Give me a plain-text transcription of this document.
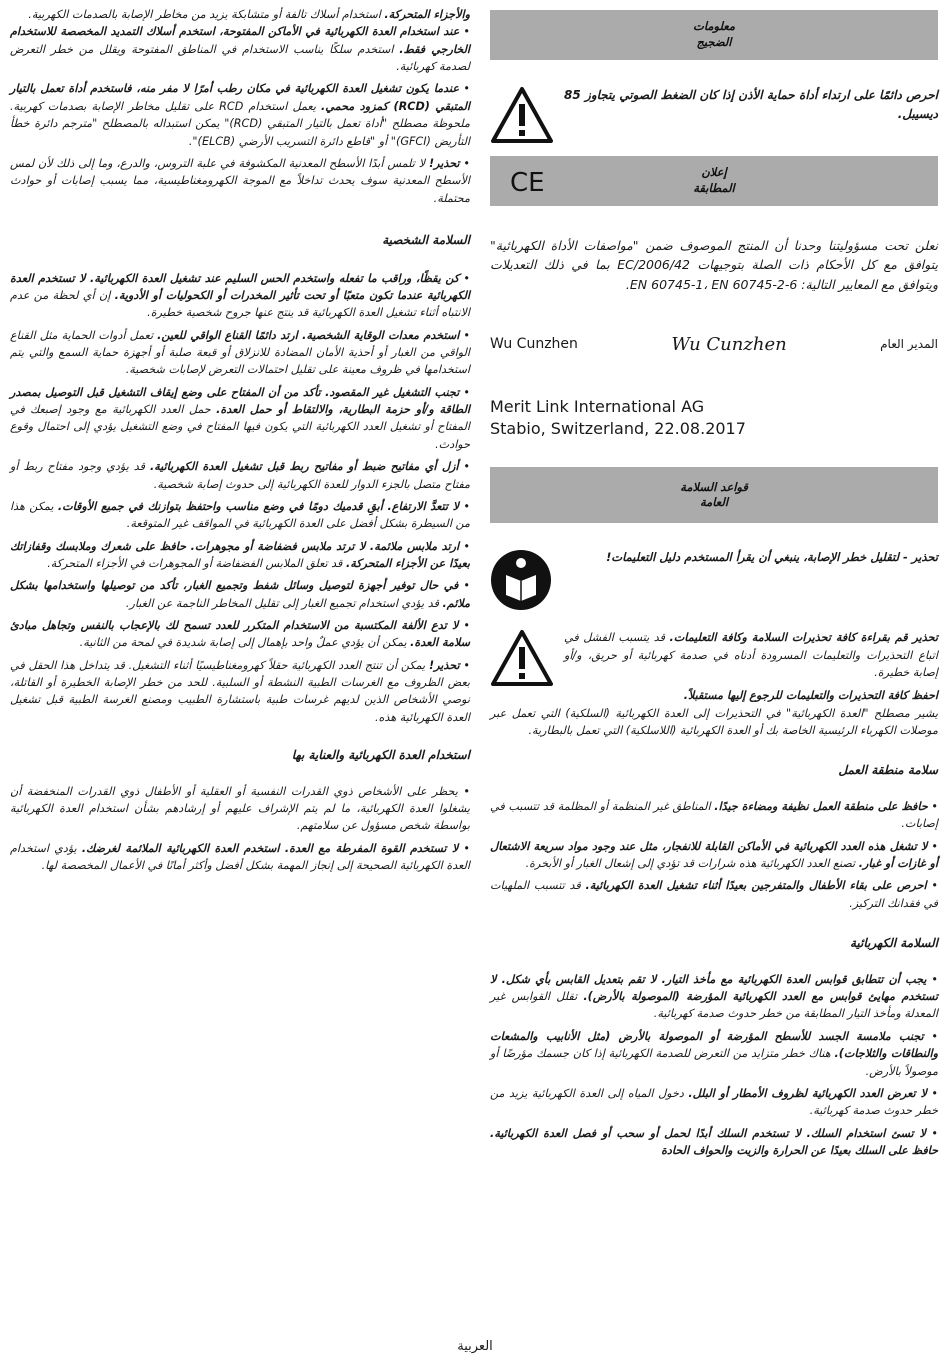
معلومات
الضجيج

احرص دائمًا على ارتداء أداة حماية الأذن إذا كان الضغط الصوتي يتجاوز 85 ديسيبل.

إعلان
المطابقة
CE

نعلن تحت مسؤوليتنا وحدنا أن المنتج الموصوف ضمن "مواصفات الأداة الكهربائية" يتوافق مع كل الأحكام ذات الصلة بتوجيهات 2006/42/EC بما في ذلك التعديلات ويتوافق مع المعايير التالية: EN 60745-1، EN 60745-2-6.

المدير العام
Wu Cunzhen
Wu Cunzhen
Merit Link International AG
Stabio, Switzerland, 22.08.2017
قواعد السلامة
العامة

تحذير - لتقليل خطر الإصابة، ينبغي أن يقرأ المستخدم دليل التعليمات!

تحذير قم بقراءة كافة تحذيرات السلامة وكافة التعليمات. قد يتسبب الفشل في اتباع التحذيرات والتعليمات المسرودة أدناه في صدمة كهربائية أو حريق، و/أو إصابة خطيرة.

احفظ كافة التحذيرات والتعليمات للرجوع إليها مستقبلاً.

يشير مصطلح "العدة الكهربائية" في التحذيرات إلى العدة الكهربائية (السلكية) التي تعمل عبر موصلات الكهرباء الرئيسية الخاصة بك أو العدة الكهربائية (اللاسلكية) التي تعمل بالبطارية.

سلامة منطقة العمل

• حافظ على منطقة العمل نظيفة ومضاءة جيدًا. المناطق غير المنظمة أو المظلمة قد تتسبب في إصابات.

• لا تشغل هذه العدد الكهربائية في الأماكن القابلة للانفجار، مثل عند وجود مواد سريعة الاشتعال أو غازات أو غبار. تصنع العدد الكهربائية هذه شرارات قد تؤدي إلى إشعال الغبار أو الأبخرة.

• احرص على بقاء الأطفال والمتفرجين بعيدًا أثناء تشغيل العدة الكهربائية. قد تتسبب الملهيات في فقدانك التركيز.

السلامة الكهربائية

• يجب أن تتطابق قوابس العدة الكهربائية مع مأخذ التيار. لا تقم بتعديل القابس بأي شكل. لا تستخدم مهايئ قوابس مع العدد الكهربائية المؤرضة (الموصولة بالأرض). تقلل القوابس غير المعدلة ومأخذ التيار المطابقة من خطر حدوث صدمة كهربائية.

• تجنب ملامسة الجسد للأسطح المؤرضة أو الموصولة بالأرض (مثل الأنابيب والمشعات والنطاقات والثلاجات). هناك خطر متزايد من التعرض للصدمة الكهربائية إذا كان جسمك مؤرضًا أو موصولاً بالأرض.

• لا تعرض العدد الكهربائية لظروف الأمطار أو البلل. دخول المياه إلى العدة الكهربائية يزيد من خطر حدوث صدمة كهربائية.

• لا تسئ استخدام السلك. لا تستخدم السلك أبدًا لحمل أو سحب أو فصل العدة الكهربائية. حافظ على السلك بعيدًا عن الحرارة والزيت والحواف الحادة

والأجزاء المتحركة. استخدام أسلاك تالفة أو متشابكة يزيد من مخاطر الإصابة بالصدمات الكهربية.

• عند استخدام العدة الكهربائية في الأماكن المفتوحة، استخدم أسلاك التمديد المخصصة للاستخدام الخارجي فقط. استخدم سلكًا يناسب الاستخدام في المناطق المفتوحة ويقلل من خطر التعرض لصدمة كهربائية.

• عندما يكون تشغيل العدة الكهربائية في مكان رطب أمرًا لا مفر منه، فاستخدم أداة تعمل بالتيار المتبقي (RCD) كمزود محمي. يعمل استخدام RCD على تقليل مخاطر الإصابة بصدمات كهربية. ملحوظة مصطلح "أداة تعمل بالتيار المتبقي (RCD)" يمكن استبداله بالمصطلح "مترجم دائرة خطأ التأريض (GFCI)" أو "قاطع دائرة التسريب الأرضي (ELCB)".

• تحذير! لا تلمس أبدًا الأسطح المعدنية المكشوفة في علبة التروس، والدرع، وما إلى ذلك لأن لمس الأسطح المعدنية سوف يحدث تداخلاً مع الموجة الكهرومغناطيسية، مما يسبب إصابات أو حوادث محتملة.

السلامة الشخصية

• كن يقظًا، وراقب ما تفعله واستخدم الحس السليم عند تشغيل العدة الكهربائية. لا تستخدم العدة الكهربائية عندما تكون متعبًا أو تحت تأثير المخدرات أو الكحوليات أو الأدوية. إن أي لحظة من عدم الانتباه أثناء تشغيل العدة الكهربائية قد ينتج عنها جروح شخصية خطيرة.

• استخدم معدات الوقاية الشخصية. ارتد دائمًا القناع الواقي للعين. تعمل أدوات الحماية مثل القناع الواقي من الغبار أو أحذية الأمان المضادة للانزلاق أو قبعة صلبة أو أجهزة حماية السمع والتي يتم استخدامها في ظروف معينة على تقليل احتمالات التعرض لإصابات شخصية.

• تجنب التشغيل غير المقصود. تأكد من أن المفتاح على وضع إيقاف التشغيل قبل التوصيل بمصدر الطاقة و/أو حزمة البطارية، والالتقاط أو حمل العدة. حمل العدد الكهربائية مع وجود إصبعك في المفتاح أو تشغيل العدد الكهربائية التي يكون فيها المفتاح في وضع التشغيل يؤدي إلى احتمال وقوع حوادث.

• أزل أي مفاتيح ضبط أو مفاتيح ربط قبل تشغيل العدة الكهربائية. قد يؤدي وجود مفتاح ربط أو مفتاح متصل بالجزء الدوار للعدة الكهربائية إلى حدوث إصابة شخصية.

• لا تتعدَّ الارتفاع. أبقِ قدميك دومًا في وضع مناسب واحتفظ بتوازنك في جميع الأوقات. يمكن هذا من السيطرة بشكل أفضل على العدة الكهربائية في المواقف غير المتوقعة.

• ارتد ملابس ملائمة. لا ترتد ملابس فضفاضة أو مجوهرات. حافظ على شعرك وملابسك وقفازاتك بعيدًا عن الأجزاء المتحركة. قد تعلق الملابس الفضفاضة أو المجوهرات في الأجزاء المتحركة.

• في حال توفير أجهزة لتوصيل وسائل شفط وتجميع الغبار، تأكد من توصيلها واستخدامها بشكل ملائم. قد يؤدي استخدام تجميع الغبار إلى تقليل المخاطر الناجمة عن الغبار.

• لا تدع الألفة المكتسبة من الاستخدام المتكرر للعدد تسمح لك بالإعجاب بالنفس وتجاهل مبادئ سلامة العدة. يمكن أن يؤدي عملٌ واحد بإهمال إلى إصابة شديدة في لمحة من الثانية.

• تحذير! يمكن أن تنتج العدد الكهربائية حقلاً كهرومغناطيسيًا أثناء التشغيل. قد يتداخل هذا الحقل في بعض الظروف مع الغرسات الطبية النشطة أو السلبية. للحد من خطر الإصابة الخطيرة أو القاتلة، نوصي الأشخاص الذين لديهم غرسات طبية باستشارة الطبيب ومصنع الغرسة الطبية قبل تشغيل العدة الكهربائية هذه.

استخدام العدة الكهربائية والعناية بها

• يحظر على الأشخاص ذوي القدرات النفسية أو العقلية أو الأطفال ذوي القدرات المنخفضة أن يشغلوا العدة الكهربائية، ما لم يتم الإشراف عليهم أو إرشادهم بشأن استخدام العدة الكهربائية بواسطة شخص مسؤول عن سلامتهم.

• لا تستخدم القوة المفرطة مع العدة. استخدم العدة الكهربائية الملائمة لغرضك. يؤدي استخدام العدة الكهربائية الصحيحة إلى إنجاز المهمة بشكل أفضل وأكثر أمانًا في الأعمال المخصصة لها.

العربية
